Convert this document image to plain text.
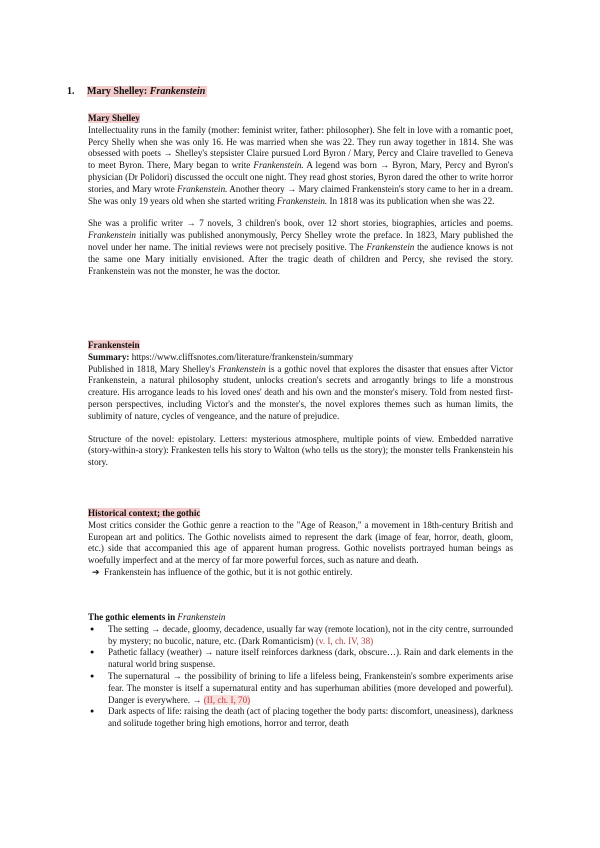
1. Mary Shelley: Frankenstein
Mary Shelley

Intellectuality runs in the family (mother: feminist writer, father: philosopher). She felt in love with a romantic poet, Percy Shelly when she was only 16. He was married when she was 22. They run away together in 1814. She was obsessed with poets → Shelley's stepsister Claire pursued Lord Byron / Mary, Percy and Claire travelled to Geneva to meet Byron. There, Mary began to write Frankenstein. A legend was born → Byron, Mary, Percy and Byron's physician (Dr Polidori) discussed the occult one night. They read ghost stories, Byron dared the other to write horror stories, and Mary wrote Frankenstein. Another theory → Mary claimed Frankenstein's story came to her in a dream. She was only 19 years old when she started writing Frankenstein. In 1818 was its publication when she was 22.

She was a prolific writer → 7 novels, 3 children's book, over 12 short stories, biographies, articles and poems. Frankenstein initially was published anonymously, Percy Shelley wrote the preface. In 1823, Mary published the novel under her name. The initial reviews were not precisely positive. The Frankenstein the audience knows is not the same one Mary initially envisioned. After the tragic death of children and Percy, she revised the story. Frankenstein was not the monster, he was the doctor.

Frankenstein

Summary: https://www.cliffsnotes.com/literature/frankenstein/summary

Published in 1818, Mary Shelley's Frankenstein is a gothic novel that explores the disaster that ensues after Victor Frankenstein, a natural philosophy student, unlocks creation's secrets and arrogantly brings to life a monstrous creature. His arrogance leads to his loved ones' death and his own and the monster's misery. Told from nested first-person perspectives, including Victor's and the monster's, the novel explores themes such as human limits, the sublimity of nature, cycles of vengeance, and the nature of prejudice.

Structure of the novel: epistolary. Letters: mysterious atmosphere, multiple points of view. Embedded narrative (story-within-a story): Frankesten tells his story to Walton (who tells us the story); the monster tells Frankenstein his story.

Historical context; the gothic

Most critics consider the Gothic genre a reaction to the "Age of Reason," a movement in 18th-century British and European art and politics. The Gothic novelists aimed to represent the dark (image of fear, horror, death, gloom, etc.) side that accompanied this age of apparent human progress. Gothic novelists portrayed human beings as woefully imperfect and at the mercy of far more powerful forces, such as nature and death.

➔  Frankenstein has influence of the gothic, but it is not gothic entirely.

The gothic elements in Frankenstein
● The setting → decade, gloomy, decadence, usually far way (remote location), not in the city centre, surrounded by mystery; no bucolic, nature, etc. (Dark Romanticism) (v. I, ch. IV, 38)
● Pathetic fallacy (weather) → nature itself reinforces darkness (dark, obscure…). Rain and dark elements in the natural world bring suspense.
● The supernatural → the possibility of brining to life a lifeless being, Frankenstein's sombre experiments arise fear. The monster is itself a supernatural entity and has superhuman abilities (more developed and powerful). Danger is everywhere. → (II, ch. I, 70)
● Dark aspects of life: raising the death (act of placing together the body parts: discomfort, uneasiness), darkness and solitude together bring high emotions, horror and terror, death
